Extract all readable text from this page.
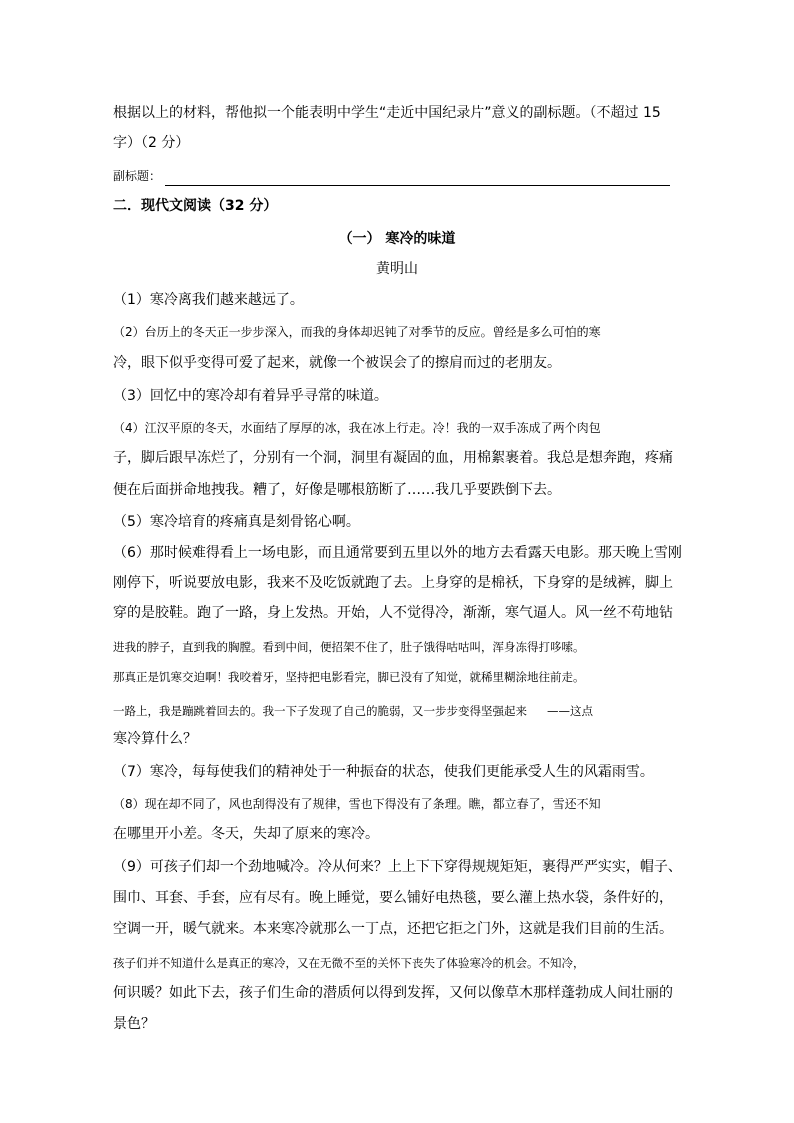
根据以上的材料，帮他拟一个能表明中学生“走近中国纪录片”意义的副标题。（不超过 15
字）（2 分）
副标题：
二．现代文阅读（32 分）
（一） 寒冷的味道
黄明山
（1）寒冷离我们越来越远了。
（2）台历上的冬天正一步步深入，而我的身体却迟钝了对季节的反应。曾经是多么可怕的寒
冷，眼下似乎变得可爱了起来，就像一个被误会了的擦肩而过的老朋友。
（3）回忆中的寒冷却有着异乎寻常的味道。
（4）江汉平原的冬天，水面结了厚厚的冰，我在冰上行走。冷！我的一双手冻成了两个肉包
子，脚后跟早冻烂了，分别有一个洞，洞里有凝固的血，用棉絮裹着。我总是想奔跑，疼痛
便在后面拼命地拽我。糟了，好像是哪根筋断了……我几乎要跌倒下去。
（5）寒冷培育的疼痛真是刻骨铭心啊。
（6）那时候难得看上一场电影，而且通常要到五里以外的地方去看露天电影。那天晚上雪刚
刚停下，听说要放电影，我来不及吃饭就跑了去。上身穿的是棉袄，下身穿的是绒裤，脚上
穿的是胶鞋。跑了一路，身上发热。开始，人不觉得冷，渐渐，寒气逼人。风一丝不苟地钻
进我的脖子，直到我的胸膛。看到中间，便招架不住了，肚子饿得咕咕叫，浑身冻得打哆嗦。
那真正是饥寒交迫啊！我咬着牙，坚持把电影看完，脚已没有了知觉，就稀里糊涂地往前走。
一路上，我是蹦跳着回去的。我一下子发现了自己的脆弱，又一步步变得坚强起来 ——这点
寒冷算什么？
（7）寒冷，每每使我们的精神处于一种振奋的状态，使我们更能承受人生的风霜雨雪。
（8）现在却不同了，风也刮得没有了规律，雪也下得没有了条理。瞧，都立春了，雪还不知
在哪里开小差。冬天，失却了原来的寒冷。
（9）可孩子们却一个劲地喊冷。冷从何来？上上下下穿得规规矩矩，裹得严严实实，帽子、
围巾、耳套、手套，应有尽有。晚上睡觉，要么铺好电热毯，要么灌上热水袋，条件好的，
空调一开，暖气就来。本来寒冷就那么一丁点，还把它拒之门外，这就是我们目前的生活。
孩子们并不知道什么是真正的寒冷，又在无微不至的关怀下丧失了体验寒冷的机会。不知冷，
何识暖？如此下去，孩子们生命的潜质何以得到发挥，又何以像草木那样蓬勃成人间壮丽的
景色？
